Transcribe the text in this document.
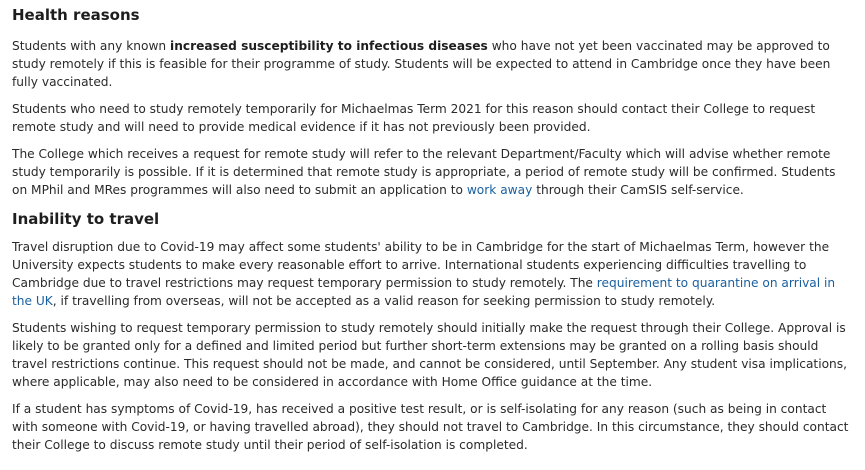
Health reasons

Students with any known increased susceptibility to infectious diseases who have not yet been vaccinated may be approved to study remotely if this is feasible for their programme of study. Students will be expected to attend in Cambridge once they have been fully vaccinated.

Students who need to study remotely temporarily for Michaelmas Term 2021 for this reason should contact their College to request remote study and will need to provide medical evidence if it has not previously been provided.

The College which receives a request for remote study will refer to the relevant Department/Faculty which will advise whether remote study temporarily is possible. If it is determined that remote study is appropriate, a period of remote study will be confirmed. Students on MPhil and MRes programmes will also need to submit an application to work away through their CamSIS self-service.

Inability to travel

Travel disruption due to Covid-19 may affect some students' ability to be in Cambridge for the start of Michaelmas Term, however the University expects students to make every reasonable effort to arrive. International students experiencing difficulties travelling to Cambridge due to travel restrictions may request temporary permission to study remotely. The requirement to quarantine on arrival in the UK, if travelling from overseas, will not be accepted as a valid reason for seeking permission to study remotely.

Students wishing to request temporary permission to study remotely should initially make the request through their College. Approval is likely to be granted only for a defined and limited period but further short-term extensions may be granted on a rolling basis should travel restrictions continue. This request should not be made, and cannot be considered, until September. Any student visa implications, where applicable, may also need to be considered in accordance with Home Office guidance at the time.

If a student has symptoms of Covid-19, has received a positive test result, or is self-isolating for any reason (such as being in contact with someone with Covid-19, or having travelled abroad), they should not travel to Cambridge. In this circumstance, they should contact their College to discuss remote study until their period of self-isolation is completed.
